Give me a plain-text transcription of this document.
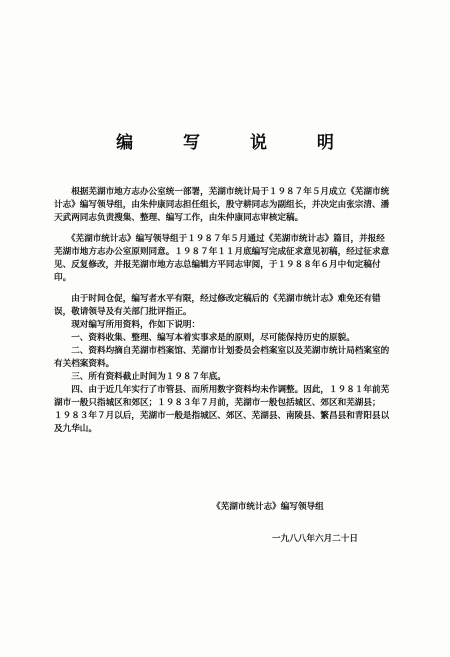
编 写 说 明
　　根据芜湖市地方志办公室统一部署，芜湖市统计局于１９８７年５月成立《芜湖市统
计志》编写领导组，由朱仲康同志担任组长，殷守耕同志为副组长，并决定由张宗清、潘
天武两同志负责搜集、整理、编写工作，由朱仲康同志审核定稿。
　　《芜湖市统计志》编写领导组于１９８７年５月通过《芜湖市统计志》篇目，并报经
芜湖市地方志办公室原则同意。１９８７年１１月底编写完成征求意见初稿，经过征求意
见、反复修改，并报芜湖市地方志总编辑方平同志审阅，于１９８８年６月中旬定稿付
印。
　　由于时间仓促，编写者水平有限，经过修改定稿后的《芜湖市统计志》难免还有错
误，敬请领导及有关部门批评指正。
　　现对编写所用资料，作如下说明：
　　一、资料收集、整理、编写本着实事求是的原则，尽可能保持历史的原貌。
　　二、资料均摘自芜湖市档案馆、芜湖市计划委员会档案室以及芜湖市统计局档案室的
有关档案资料。
　　三、所有资料截止时间为１９８７年底。
　　四、由于近几年实行了市管县、而所用数字资料均未作调整。因此，１９８１年前芜
湖市一般只指城区和郊区；１９８３年７月前，芜湖市一般包括城区、郊区和芜湖县；
１９８３年７月以后，芜湖市一般是指城区、郊区、芜湖县、南陵县、繁昌县和青阳县以
及九华山。
《芜湖市统计志》编写领导组
一九八八年六月二十日
